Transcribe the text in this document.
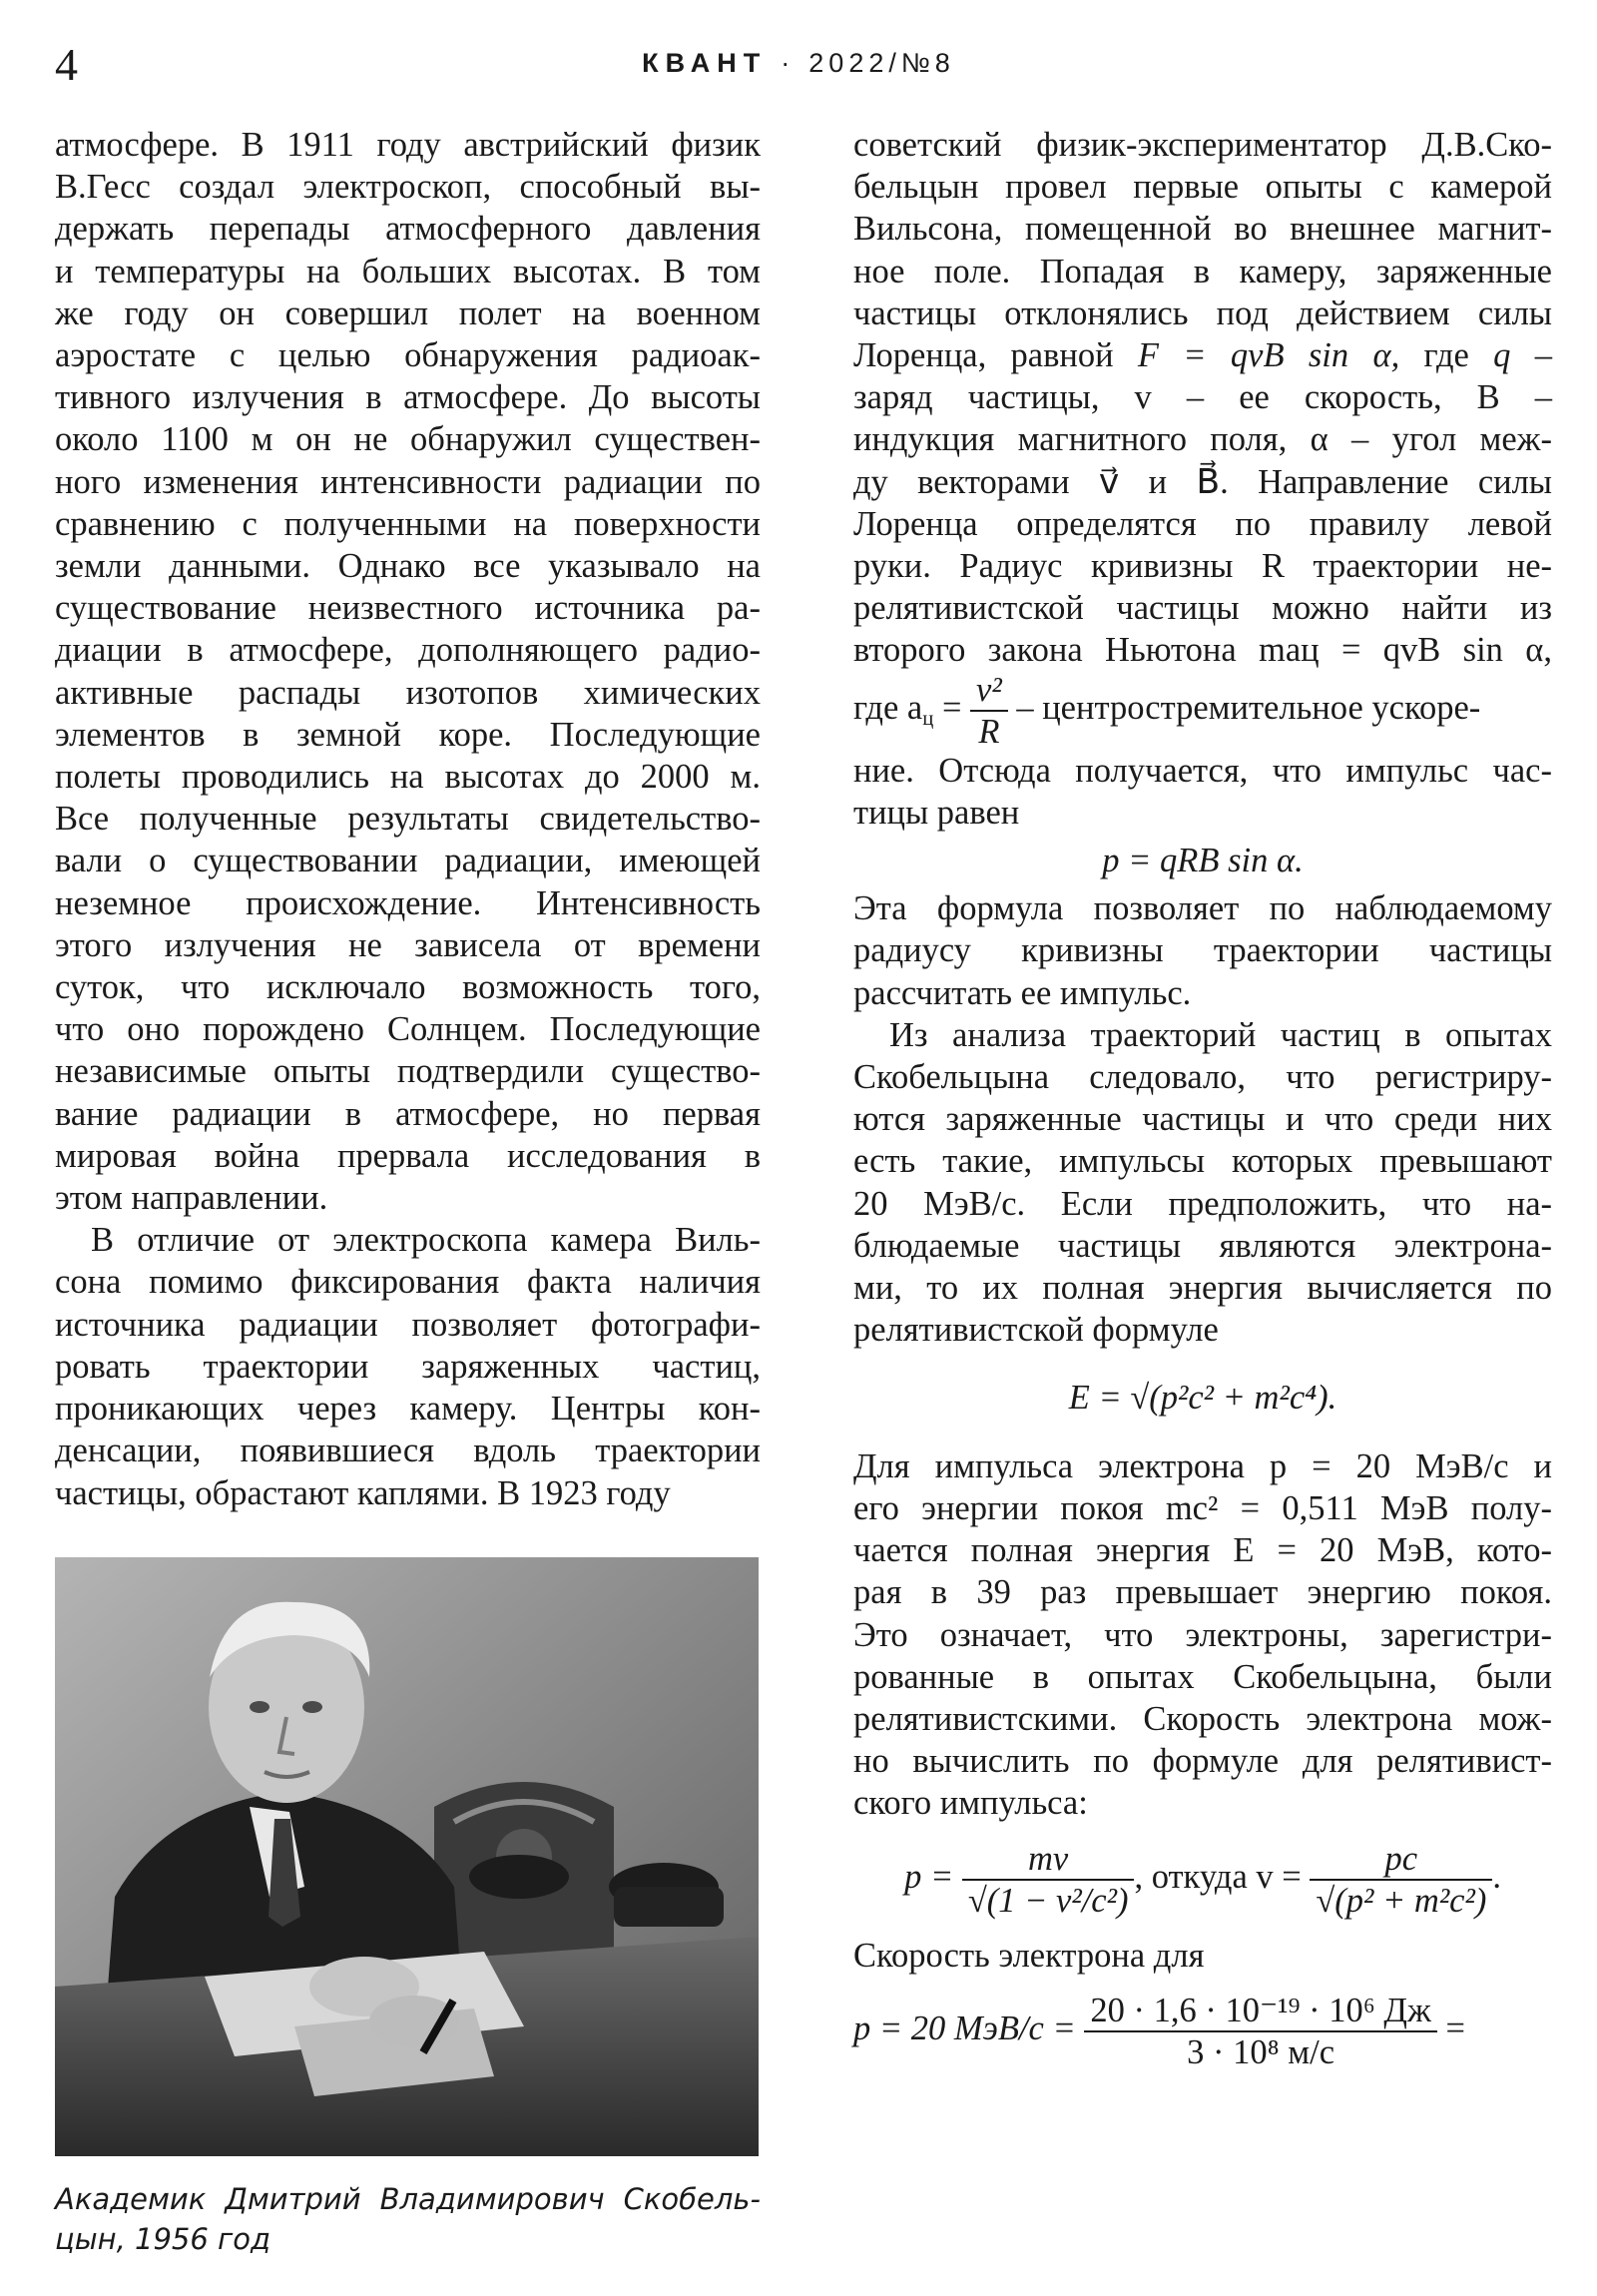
4	КВАНТ · 2022/№8
атмосфере. В 1911 году австрийский физик
В.Гесс создал электроскоп, способный вы-
держать перепады атмосферного давления
и температуры на больших высотах. В том
же году он совершил полет на военном
аэростате с целью обнаружения радиоак-
тивного излучения в атмосфере. До высоты
около 1100 м он не обнаружил существен-
ного изменения интенсивности радиации по
сравнению с полученными на поверхности
земли данными. Однако все указывало на
существование неизвестного источника ра-
диации в атмосфере, дополняющего радио-
активные распады изотопов химических
элементов в земной коре. Последующие
полеты проводились на высотах до 2000 м.
Все полученные результаты свидетельство-
вали о существовании радиации, имеющей
неземное происхождение. Интенсивность
этого излучения не зависела от времени
суток, что исключало возможность того,
что оно порождено Солнцем. Последующие
независимые опыты подтвердили существо-
вание радиации в атмосфере, но первая
мировая война прервала исследования в
этом направлении.
В отличие от электроскопа камера Виль-
сона помимо фиксирования факта наличия
источника радиации позволяет фотографи-
ровать траектории заряженных частиц,
проникающих через камеру. Центры кон-
денсации, появившиеся вдоль траектории
частицы, обрастают каплями. В 1923 году
Академик Дмитрий Владимирович Скобель-
цын, 1956 год
советский физик-экспериментатор Д.В.Ско-
бельцын провел первые опыты с камерой
Вильсона, помещенной во внешнее магнит-
ное поле. Попадая в камеру, заряженные
частицы отклонялись под действием силы
Лоренца, равной F = qvB sin α, где q –
заряд частицы, v – ее скорость, B –
индукция магнитного поля, α – угол меж-
ду векторами v⃗ и B⃗. Направление силы
Лоренца определятся по правилу левой
руки. Радиус кривизны R траектории не-
релятивистской частицы можно найти из
второго закона Ньютона maц = qvB sin α,
где $a_ц = \frac{\text{v²}}{R}$ – центростремительное ускоре-
ние. Отсюда получается, что импульс час-
тицы равен
p = qRB sin α.
Эта формула позволяет по наблюдаемому
радиусу кривизны траектории частицы
рассчитать ее импульс.
Из анализа траекторий частиц в опытах
Скобельцына следовало, что регистриру-
ются заряженные частицы и что среди них
есть такие, импульсы которых превышают
20 МэВ/с. Если предположить, что на-
блюдаемые частицы являются электрона-
ми, то их полная энергия вычисляется по
релятивистской формуле
E = √(p²c² + m²c⁴).
Для импульса электрона p = 20 МэВ/с и
его энергии покоя mc² = 0,511 МэВ полу-
чается полная энергия E = 20 МэВ, кото-
рая в 39 раз превышает энергию покоя.
Это означает, что электроны, зарегистри-
рованные в опытах Скобельцына, были
релятивистскими. Скорость электрона мож-
но вычислить по формуле для релятивист-
ского импульса:
$p = \frac{mv}{\text{√(1 − v²/c²)}}$ , откуда $v = \frac{pc}{\text{√(p² + m²c²)}}$ .
Скорость электрона для
p = 20 $МэВ/с = \frac{\text{20 · 1,6 · 10⁻¹⁹ · 10⁶ Дж}}{\text{3 · 10⁸ м/с}}$ =
